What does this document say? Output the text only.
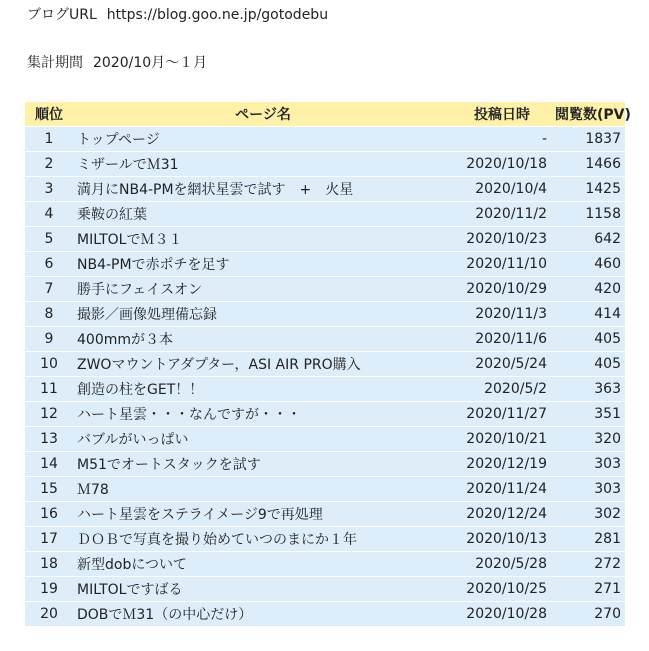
ブログURL https://blog.goo.ne.jp/gotodebu
集計期間 2020/10月～１月
順位	ページ名	投稿日時	閲覧数(PV)
1	トップページ	-	1837
2	ミザールでＭ31	2020/10/18	1466
3	満月にNB4-PMを網状星雲で試す　+　火星	2020/10/4	1425
4	乗鞍の紅葉	2020/11/2	1158
5	MILTOLでＭ３１	2020/10/23	642
6	NB4-PMで赤ポチを足す	2020/11/10	460
7	勝手にフェイスオン	2020/10/29	420
8	撮影／画像処理備忘録	2020/11/3	414
9	400mmが３本	2020/11/6	405
10	ZWOマウントアダプター，ASI AIR PRO購入	2020/5/24	405
11	創造の柱をGET！！	2020/5/2	363
12	ハート星雲・・・なんですが・・・	2020/11/27	351
13	バブルがいっぱい	2020/10/21	320
14	M51でオートスタックを試す	2020/12/19	303
15	Ｍ78	2020/11/24	303
16	ハート星雲をステライメージ9で再処理	2020/12/24	302
17	ＤＯＢで写真を撮り始めていつのまにか１年	2020/10/13	281
18	新型dobについて	2020/5/28	272
19	MILTOLですばる	2020/10/25	271
20	DOBでＭ31（の中心だけ）	2020/10/28	270
